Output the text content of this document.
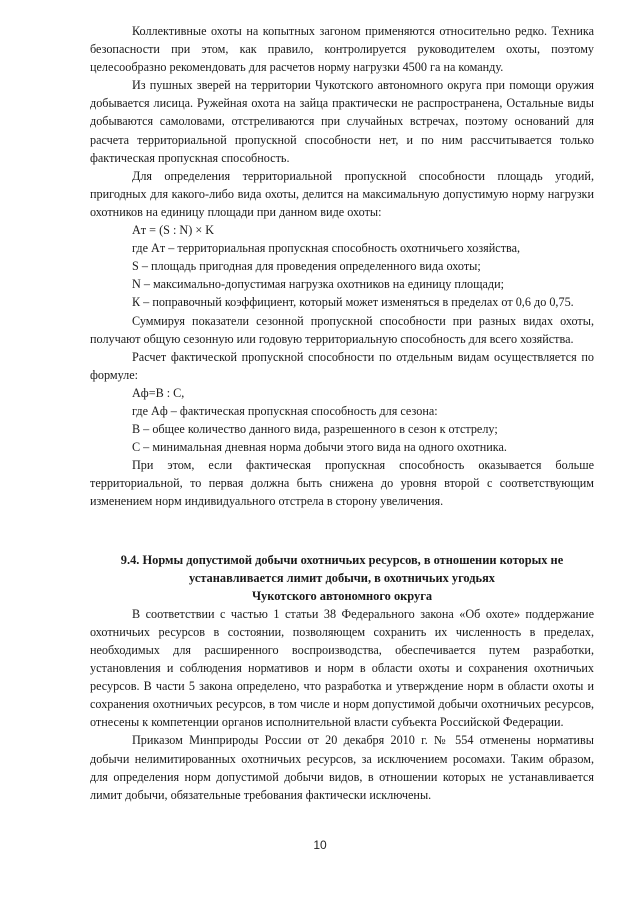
Коллективные охоты на копытных загоном применяются относительно редко. Техника безопасности при этом, как правило, контролируется руководителем охоты, поэтому целесообразно рекомендовать для расчетов норму нагрузки 4500 га на команду.

Из пушных зверей на территории Чукотского автономного округа при помощи оружия добывается лисица. Ружейная охота на зайца практически не распространена, Остальные виды добываются самоловами, отстреливаются при случайных встречах, поэтому оснований для расчета территориальной пропускной способности нет, и по ним рассчитывается только фактическая пропускная способность.

Для определения территориальной пропускной способности площадь угодий, пригодных для какого-либо вида охоты, делится на максимальную допустимую норму нагрузки охотников на единицу площади при данном виде охоты:

Aт = (S : N) × K

где Aт – территориальная пропускная способность охотничьего хозяйства,

S – площадь пригодная для проведения определенного вида охоты;

N – максимально-допустимая нагрузка охотников на единицу площади;

К – поправочный коэффициент, который может изменяться в пределах от 0,6 до 0,75.

Суммируя показатели сезонной пропускной способности при разных видах охоты, получают общую сезонную или годовую территориальную способность для всего хозяйства.

Расчет фактической пропускной способности по отдельным видам осуществляется по формуле:

Aф=B : C,

где Aф – фактическая пропускная способность для сезона:

В – общее количество данного вида, разрешенного в сезон к отстрелу;

С – минимальная дневная норма добычи этого вида на одного охотника.

При этом, если фактическая пропускная способность оказывается больше территориальной, то первая должна быть снижена до уровня второй с соответствующим изменением норм индивидуального отстрела в сторону увеличения.

9.4. Нормы допустимой добычи охотничьих ресурсов, в отношении которых не
устанавливается лимит добычи, в охотничьих угодьях
Чукотского автономного округа

В соответствии с частью 1 статьи 38 Федерального закона «Об охоте» поддержание охотничьих ресурсов в состоянии, позволяющем сохранить их численность в пределах, необходимых для расширенного воспроизводства, обеспечивается путем разработки, установления и соблюдения нормативов и норм в области охоты и сохранения охотничьих ресурсов. В части 5 закона определено, что разработка и утверждение норм в области охоты и сохранения охотничьих ресурсов, в том числе и норм допустимой добычи охотничьих ресурсов, отнесены к компетенции органов исполнительной власти субъекта Российской Федерации.

Приказом Минприроды России от 20 декабря 2010 г. № 554 отменены нормативы добычи нелимитированных охотничьих ресурсов, за исключением росомахи. Таким образом, для определения норм допустимой добычи видов, в отношении которых не устанавливается лимит добычи, обязательные требования фактически исключены.

10
